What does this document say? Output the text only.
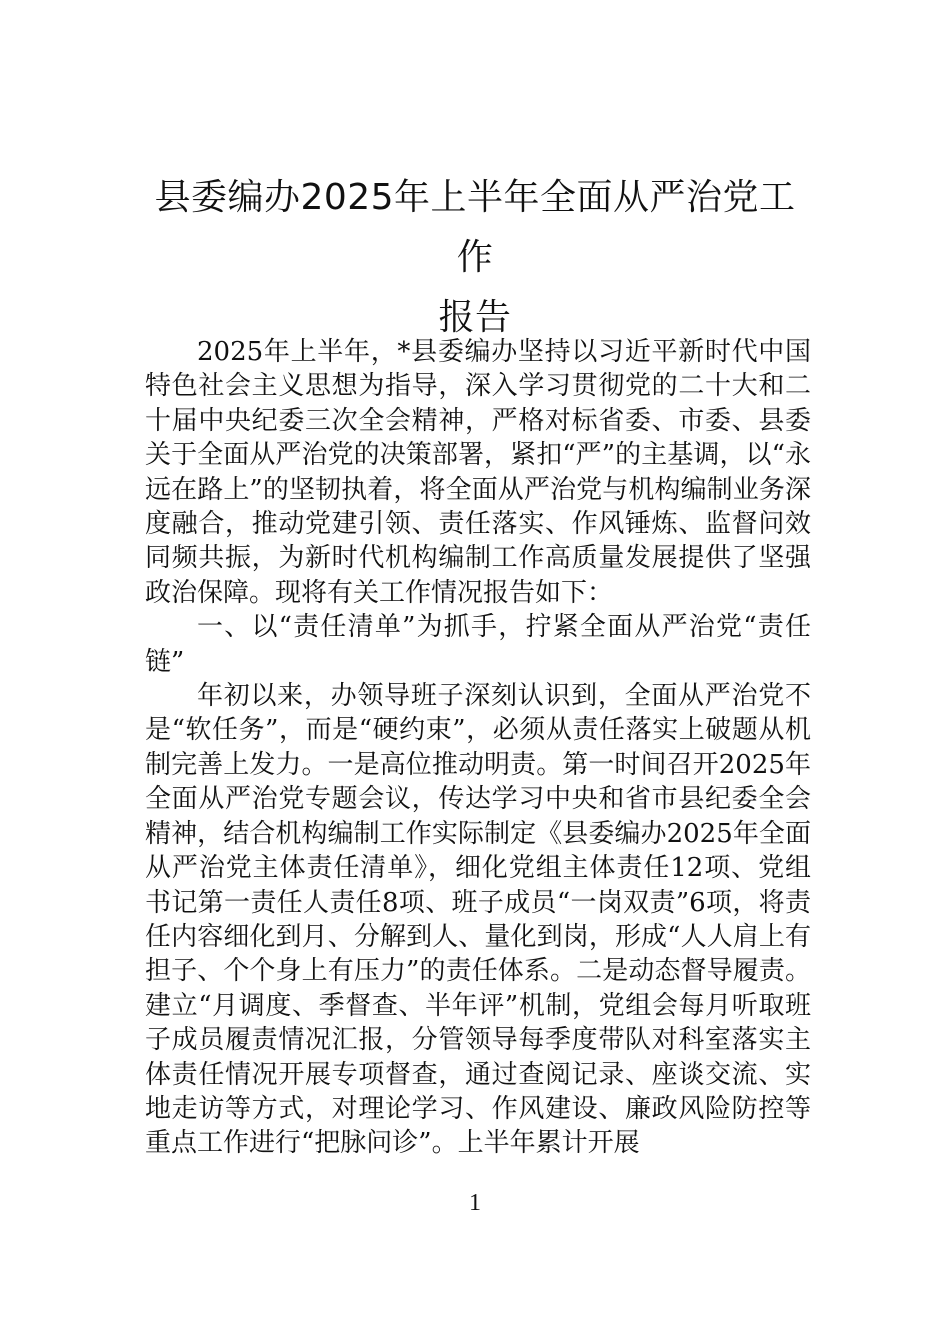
县委编办2025年上半年全面从严治党工作
报告

2025年上半年，*县委编办坚持以习近平新时代中国特色社会主义思想为指导，深入学习贯彻党的二十大和二十届中央纪委三次全会精神，严格对标省委、市委、县委关于全面从严治党的决策部署，紧扣“严”的主基调，以“永远在路上”的坚韧执着，将全面从严治党与机构编制业务深度融合，推动党建引领、责任落实、作风锤炼、监督问效同频共振，为新时代机构编制工作高质量发展提供了坚强政治保障。现将有关工作情况报告如下：

一、以“责任清单”为抓手，拧紧全面从严治党“责任链”

年初以来，办领导班子深刻认识到，全面从严治党不是“软任务”，而是“硬约束”，必须从责任落实上破题从机制完善上发力。一是高位推动明责。第一时间召开2025年全面从严治党专题会议，传达学习中央和省市县纪委全会精神，结合机构编制工作实际制定《县委编办2025年全面从严治党主体责任清单》，细化党组主体责任12项、党组书记第一责任人责任8项、班子成员“一岗双责”6项，将责任内容细化到月、分解到人、量化到岗，形成“人人肩上有担子、个个身上有压力”的责任体系。二是动态督导履责。建立“月调度、季督查、半年评”机制，党组会每月听取班子成员履责情况汇报，分管领导每季度带队对科室落实主体责任情况开展专项督查，通过查阅记录、座谈交流、实地走访等方式，对理论学习、作风建设、廉政风险防控等重点工作进行“把脉问诊”。上半年累计开展

1
